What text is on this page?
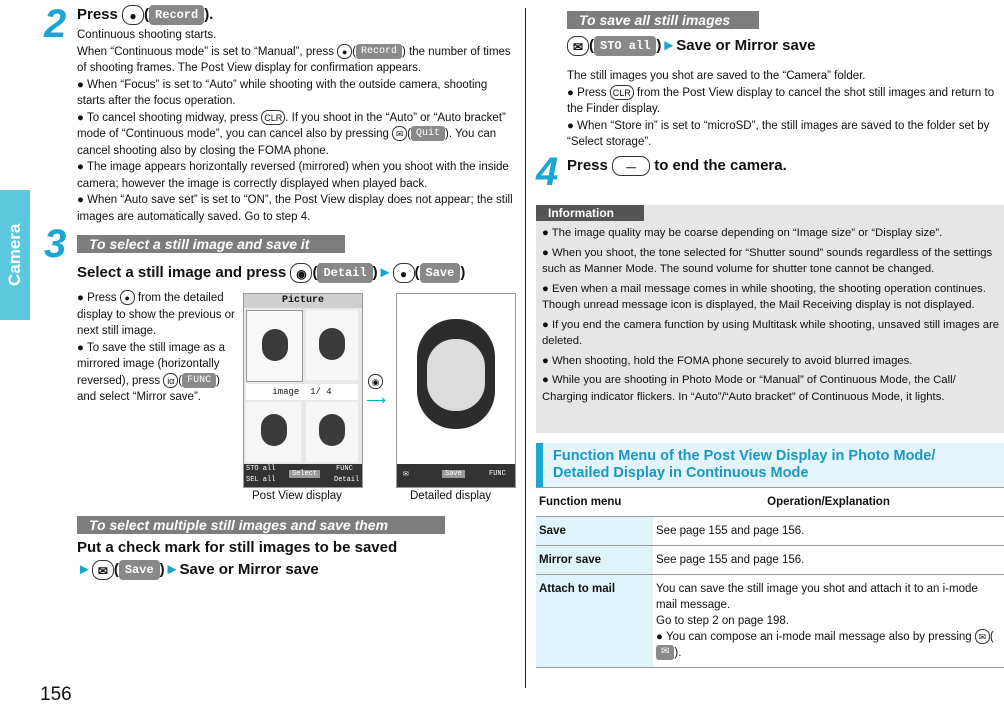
Camera
156
2 Press ● ( Record ).
Continuous shooting starts.
When “Continuous mode” is set to “Manual”, press ● ( Record ) the number of times of shooting frames. The Post View display for confirmation appears.
● When “Focus” is set to “Auto” while shooting with the outside camera, shooting starts after the focus operation.
● To cancel shooting midway, press CLR . If you shoot in the “Auto” or “Auto bracket” mode of “Continuous mode”, you can cancel also by pressing ✉ ( Quit ). You can cancel shooting also by closing the FOMA phone.
● The image appears horizontally reversed (mirrored) when you shoot with the inside camera; however the image is correctly displayed when played back.
● When “Auto save set” is set to “ON”, the Post View display does not appear; the still images are automatically saved. Go to step 4.
3	To select a still image and save it
Select a still image and press ◉ ( Detail )► ● ( Save )
● Press ● from the detailed display to show the previous or next still image.
● To save the still image as a mirrored image (horizontally reversed), press iα ( FUNC ) and select “Mirror save”.
Picture
image 1/ 4
STO all
SEL all
Select
FUNC
Detail
◉
⟶
✉	Save	FUNC
Post View display	Detailed display
To select multiple still images and save them
Put a check mark for still images to be saved
► ✉ ( Save )►Save or Mirror save
To save all still images
✉ ( STO all )►Save or Mirror save
The still images you shot are saved to the “Camera” folder.
● Press CLR from the Post View display to cancel the shot still images and return to the Finder display.
● When “Store in” is set to “microSD”, the still images are saved to the folder set by “Select storage”.
4 Press ⏤ to end the camera.
Information
● The image quality may be coarse depending on “Image size” or “Display size”.
● When you shoot, the tone selected for “Shutter sound” sounds regardless of the settings such as Manner Mode. The sound volume for shutter tone cannot be changed.
● Even when a mail message comes in while shooting, the shooting operation continues. Though unread message icon is displayed, the Mail Receiving display is not displayed.
● If you end the camera function by using Multitask while shooting, unsaved still images are deleted.
● When shooting, hold the FOMA phone securely to avoid blurred images.
● While you are shooting in Photo Mode or “Manual” of Continuous Mode, the Call/ Charging indicator flickers. In “Auto”/“Auto bracket” of Continuous Mode, it lights.
Function Menu of the Post View Display in Photo Mode/ Detailed Display in Continuous Mode
Function menu	Operation/Explanation
Save	See page 155 and page 156.
Mirror save	See page 155 and page 156.
Attach to mail	You can save the still image you shot and attach it to an i-mode mail message.
Go to step 2 on page 198.
● You can compose an i-mode mail message also by pressing ✉ (✉ ).
